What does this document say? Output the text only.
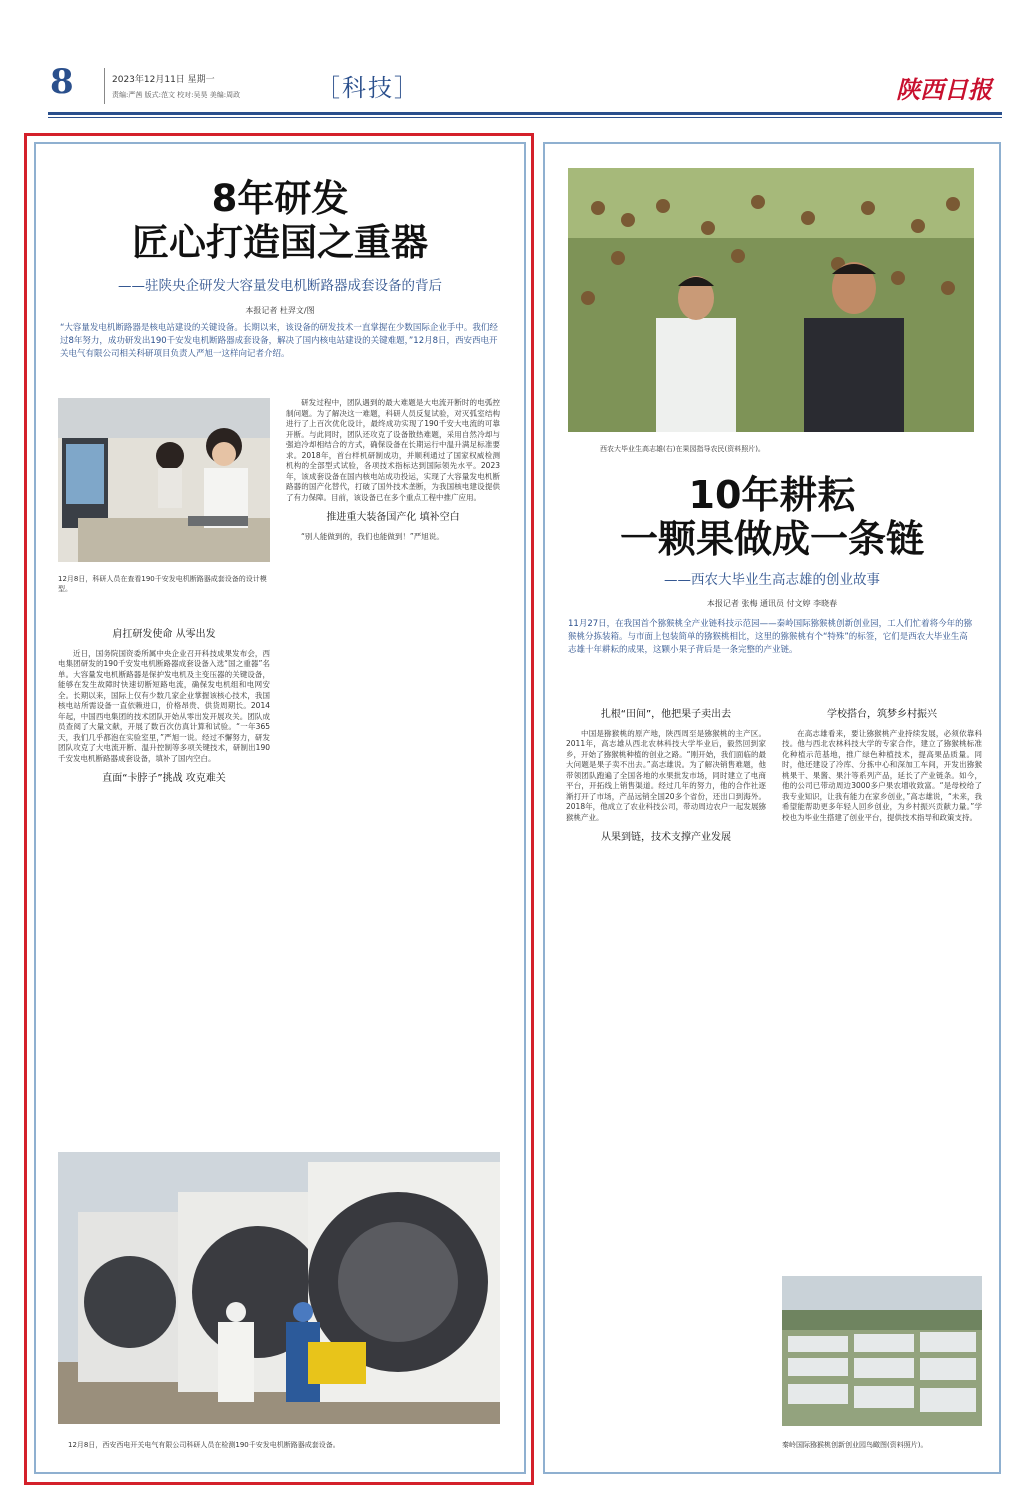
8	2023年12月11日 星期一
责编:严茜 版式:范文 校对:吴昊 美编:周政	［科技］	陕西日报
8年研发
匠心打造国之重器
——驻陕央企研发大容量发电机断路器成套设备的背后
本报记者 杜羿文/图
“大容量发电机断路器是核电站建设的关键设备。长期以来，该设备的研发技术一直掌握在少数国际企业手中。我们经过8年努力，成功研发出190千安发电机断路器成套设备，解决了国内核电站建设的关键难题，”12月8日，西安西电开关电气有限公司相关科研项目负责人严旭一这样向记者介绍。
12月8日，科研人员在查看190千安发电机断路器成套设备的设计模型。
肩扛研发使命 从零出发

近日，国务院国资委所属中央企业召开科技成果发布会，西电集团研发的190千安发电机断路器成套设备入选“国之重器”名单。大容量发电机断路器是保护发电机及主变压器的关键设备，能够在发生故障时快速切断短路电流，确保发电机组和电网安全。长期以来，国际上仅有少数几家企业掌握该核心技术，我国核电站所需设备一直依赖进口，价格昂贵、供货周期长。2014年起，中国西电集团的技术团队开始从零出发开展攻关。团队成员查阅了大量文献，开展了数百次仿真计算和试验。“一年365天，我们几乎都泡在实验室里，”严旭一说。经过不懈努力，研发团队攻克了大电流开断、温升控制等多项关键技术，研制出190千安发电机断路器成套设备，填补了国内空白。

直面“卡脖子”挑战 攻克难关

研发过程中，团队遇到的最大难题是大电流开断时的电弧控制问题。为了解决这一难题，科研人员反复试验，对灭弧室结构进行了上百次优化设计，最终成功实现了190千安大电流的可靠开断。与此同时，团队还攻克了设备散热难题，采用自然冷却与强迫冷却相结合的方式，确保设备在长期运行中温升满足标准要求。2018年，首台样机研制成功，并顺利通过了国家权威检测机构的全部型式试验，各项技术指标达到国际领先水平。2023年，该成套设备在国内核电站成功投运，实现了大容量发电机断路器的国产化替代，打破了国外技术垄断，为我国核电建设提供了有力保障。目前，该设备已在多个重点工程中推广应用。

推进重大装备国产化 填补空白

“别人能做到的，我们也能做到！”严旭说。

12月8日，西安西电开关电气有限公司科研人员在检测190千安发电机断路器成套设备。
西农大毕业生高志雄(右)在果园指导农民(资料照片)。
10年耕耘
一颗果做成一条链
——西农大毕业生高志雄的创业故事
本报记者 张梅 通讯员 付文婷 李晓春
11月27日，在我国首个猕猴桃全产业链科技示范园——秦岭国际猕猴桃创新创业园，工人们忙着将今年的猕猴桃分拣装箱。与市面上包装简单的猕猴桃相比，这里的猕猴桃有个“特殊”的标签，它们是西农大毕业生高志雄十年耕耘的成果，这颗小果子背后是一条完整的产业链。
扎根“田间”，他把果子卖出去

中国是猕猴桃的原产地，陕西周至是猕猴桃的主产区。2011年，高志雄从西北农林科技大学毕业后，毅然回到家乡，开始了猕猴桃种植的创业之路。“刚开始，我们面临的最大问题是果子卖不出去。”高志雄说。为了解决销售难题，他带领团队跑遍了全国各地的水果批发市场，同时建立了电商平台，开拓线上销售渠道。经过几年的努力，他的合作社逐渐打开了市场，产品远销全国20多个省份，还出口到海外。2018年，他成立了农业科技公司，带动周边农户一起发展猕猴桃产业。

从果到链，技术支撑产业发展
学校搭台，筑梦乡村振兴

在高志雄看来，要让猕猴桃产业持续发展，必须依靠科技。他与西北农林科技大学的专家合作，建立了猕猴桃标准化种植示范基地，推广绿色种植技术，提高果品质量。同时，他还建设了冷库、分拣中心和深加工车间，开发出猕猴桃果干、果酱、果汁等系列产品，延长了产业链条。如今，他的公司已带动周边3000多户果农增收致富。“是母校给了我专业知识，让我有能力在家乡创业，”高志雄说，“未来，我希望能帮助更多年轻人回乡创业，为乡村振兴贡献力量。”学校也为毕业生搭建了创业平台，提供技术指导和政策支持。

秦岭国际猕猴桃创新创业园鸟瞰图(资料照片)。
